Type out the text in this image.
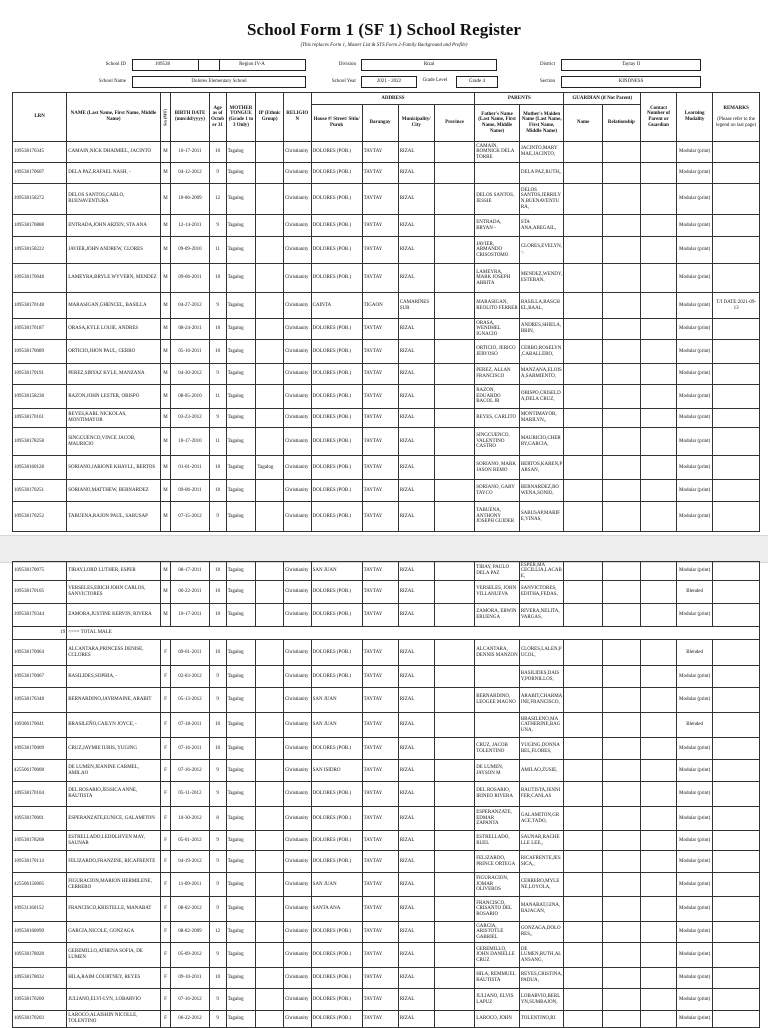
School Form 1 (SF 1) School Register
(This replaces Form 1, Master List & STS Form 2-Family Background and Profile)
School ID	109538	Region IV-A	Division	Rizal	District	Taytay II
School Name	Dolores Elementary School	School Year	2021 - 2022	Grade Level	Grade 4	Section	KINDNESS
LRN	NAME (Last Name, First Name, Middle Name)	Sex (M/F)	BIRTH DATE (mm/dd/yyyy)	Age as of Octob er 31	MOTHER TONGUE (Grade 1 to 3 Only)	IP (Ethnic Group)	RELIGIO N	ADDRESS				PARENTS		GUARDIAN (if Not Parent)		Contact Number of Parent or Guardian	Learning Modality	REMARKS

(Please refer to the legend on last page)
								House #/ Street/ Sitio/ Purok	Barangay	Municipality/ City	Province	Father's Name (Last Name, First Name, Middle Name)	Mother's Maiden Name (Last Name, First Name, Middle Name)	Name	Relationship			
109538170345	CAMAIN,NICK DHAIMIEL, JACINTO	M	10-17-2011	10	Tagalog		Christianity	DOLORES (POB.)	TAYTAY	RIZAL		CAMAIN, ROMNICK DELA TORRE	JACINTO,MARY MAE,JACINTO,				Modular (print)	
109538170607	DELA PAZ,RAFAEL NASH, -	M	04-12-2012	9	Tagalog		Christianity	DOLORES (POB.)	TAYTAY	RIZAL			DELA PAZ,RUTH,,				Modular (print)	
109538158272	DELOS SANTOS,CARLO, BUENAVENTURA	M	10-06-2009	12	Tagalog		Christianity	DOLORES (POB.)	TAYTAY	RIZAL		DELOS SANTOS, JESSIE	DELOS SANTOS,JERRILYN,BUENAVENTURA,				Modular (print)	
109538170888	ENTRADA,JOHN ARZEN, STA ANA	M	12-14-2011	9	Tagalog		Christianity	DOLORES (POB.)	TAYTAY	RIZAL		ENTRADA, BRYAN -	STA ANA,ABEGAIL,				Modular (print)	
109538158222	JAVIER,JOHN ANDREW, CLORES	M	09-09-2010	11	Tagalog		Christianity	DOLORES (POB.)	TAYTAY	RIZAL		JAVIER, ARMANDO CRISOSTOMO	CLORES,EVELYN,-,				Modular (print)	
109538170048	LAMEYRA,BRYLE WYVERN, MENDEZ	M	09-06-2011	10	Tagalog		Christianity	DOLORES (POB.)	TAYTAY	RIZAL		LAMEYRA, MARK JOSEPH ABRITA	MENDEZ,WENDY,ESTEBAN,				Modular (print)	
109538170148	MARASIGAN,GHENCEL, BASILLA	M	04-27-2012	9	Tagalog		Christianity	CAINTA	TIGAON	CAMARINES SUR		MARASIGAN, REOLITO FERRER	BASILLA,RASCHEL,BAAL,				Modular (print)	T/I DATE:2021-09-13
109538170187	ORASA,KYLE LOUIE, ANDRES	M	08-24-2011	10	Tagalog		Christianity	DOLORES (POB.)	TAYTAY	RIZAL		ORASA, WENDHEL IGNACIO	ANDRES,SHIELA,BBIN,				Modular (print)	
109538170089	ORTICIO,JHON PAUL, CERBO	M	05-10-2011	10	Tagalog		Christianity	DOLORES (POB.)	TAYTAY	RIZAL		ORTICIO, JERICO JERVOSO	CERBO,ROSELYN,CABALLERO,				Modular (print)	
109538170191	PEREZ,SIRYAZ KYLE, MANZANA	M	04-30-2012	9	Tagalog		Christianity	DOLORES (POB.)	TAYTAY	RIZAL		PEREZ, ALLAN FRANCISCO	MANZANA,ELOISA,SARMIENTO,				Modular (print)	
109538158238	RAZON,JOHN LESTER, OBISPO	M	08-05-2010	11	Tagalog		Christianity	DOLORES (POB.)	TAYTAY	RIZAL		RAZON, EDUARDO BACOL JR	OBISPO,CRISELDA,DELA CRUZ,				Modular (print)	
109538170161	REYES,KARL NICKOLAS, MONTIMAYOR	M	03-23-2012	9	Tagalog		Christianity	DOLORES (POB.)	TAYTAY	RIZAL		REYES, CARLITO	MONTIMAYOR, MARILYN,,				Modular (print)	
109538178258	SINGCUENCO,VINCE JACOB, MAURICIO	M	10-17-2010	11	Tagalog		Christianity	DOLORES (POB.)	TAYTAY	RIZAL		SINGCUENCO, VALENTINO CASTRO	MAURICIO,CHERRY,GARCIA,				Modular (print)	
109538160128	SORIANO,JARIONE KHAYLL, BERTOS	M	01-01-2011	10	Tagalog	Tagalog	Christianity	DOLORES (POB.)	TAYTAY	RIZAL		SORIANO, MARK JASON REMO	BERTOS,KAREN,PARSAN,				Modular (print)	
109538170251	SORIANO,MATTHEW, BERNARDEZ	M	09-06-2011	10	Tagalog		Christianity	DOLORES (POB.)	TAYTAY	RIZAL		SORIANO, GARY TAYCO	BERNARDEZ,ROWENA,SONIO,				Modular (print)	
109538170252	TABUENA,RAJON PAUL, SABUSAP	M	07-15-2012	9	Tagalog		Christianity	DOLORES (POB.)	TAYTAY	RIZAL		TABUENA, ANTHONY JOSEPH GUIDER	SABUSAP,MARIFE,VINAS,				Modular (print)	
109538170075	TIBAY,LORD LUTHER, ESPER	M	08-17-2011	10	Tagalog		Christianity	SAN JUAN	TAYTAY	RIZAL		TIBAY, PAULO DELA PAZ	ESPER,MA CECILLIA,LACABE,				Modular (print)	
109538170105	VERSELES,ERICH JOHN CARLOS, SANVICTORES	M	06-22-2011	10	Tagalog		Christianity	DOLORES (POB.)	TAYTAY	RIZAL		VERSELES, JOHN VILLANUEVA	SANVICTORES, EDITHA,FEDAS,				Blended	
109538170344	ZAMORA,JUSTINE KERVIN, RIVERA	M	10-17-2011	10	Tagalog		Christianity	DOLORES (POB.)	TAYTAY	RIZAL		ZAMORA, ERWIN ERUENGA	RIVERA,NELITA,VARGAS,				Modular (print)	
19	<=== TOTAL MALE																	
109538170064	ALCANTARA,PRINCESS DENISE, CCLORES	F	09-01-2011	10	Tagalog		Christianity	DOLORES (POB.)	TAYTAY	RIZAL		ALCANTARA, DENNIS MANZON	CLORES,LALEN,PUCOL,				Blended	
109538170067	BASILIDES,SOPHIA, -	F	02-03-2012	9	Tagalog		Christianity	DOLORES (POB.)	TAYTAY	RIZAL			BASILIDES,DAISY,PORNILLOS,				Modular (print)	
109538170348	BERNARDINO,JAYRMAINE, ARABIT	F	05-13-2012	9	Tagalog		Christianity	SAN JUAN	TAYTAY	RIZAL		BERNARDINO, LEOGEE MAGNO	ARABIT,CHARMAINE,FRANCISCO,				Modular (print)	
109306170041	BRASILEÑO,CAILYN JOYCE, -	F	07-18-2011	10	Tagalog		Christianity	SAN JUAN	TAYTAY	RIZAL			BRASILENO,MA CATHERINE,BAGUNA,				Blended	
109538170009	CRUZ,JAYMIE IURIS, YUGING	F	07-16-2011	10	Tagalog		Christianity	DOLORES (POB.)	TAYTAY	RIZAL		CRUZ, JACOB TOLENTINO	YUGING,DONNABEL,FLORES,				Modular (print)	
425506170008	DE LUMEN,JEANINE CARMEL, AMILAO	F	07-16-2012	9	Tagalog		Christianity	SAN ISIDRO	TAYTAY	RIZAL		DE LUMEN, JAYSON M	AMILAO,ZUSIE,				Modular (print)	
109538170104	DEL ROSARIO,JESSICA ANNE, BAUTISTA	F	05-11-2012	9	Tagalog		Christianity	DOLORES (POB.)	TAYTAY	RIZAL		DEL ROSARIO, IRINEO RIVERA	BAUTISTA,JENNIFER,CANLAS				Modular (print)	
109538170001	ESPERANZATE,EUNICE, GALAMITON	F	10-30-2012	8	Tagalog		Christianity	DOLORES (POB.)	TAYTAY	RIZAL		ESPERANZATE, EDMAR ZAPANTA	GALAMITON,GRACE,TADO,				Modular (print)	
109538178268	ESTRELLADO,LEDDLHYEN MAY, SAUNAR	F	05-01-2012	9	Tagalog		Christianity	DOLORES (POB.)	TAYTAY	RIZAL		ESTRELLADO, RUEL	SAUNAR,RACHELLE LEE,,				Modular (print)	
109538170114	FELIZARDO,FRANZINE, RICAFRENTE	F	04-19-2012	9	Tagalog		Christianity	DOLORES (POB.)	TAYTAY	RIZAL		FELIZARDO, PRINCE ORTEGA	RICAFRENTE,JESSICA,,				Modular (print)	
425506150005	FIGURACION,MARION HERMILENE, CERRERO	F	11-09-2011	9	Tagalog		Christianity	SAN JUAN	TAYTAY	RIZAL		FIGURACION, JOMAR OLIVEROS	CERRERO,MYLENE,LOYOLA,				Modular (print)	
109531160152	FRANCISCO,KRISTELLE, MANABAT	F	08-02-2012	9	Tagalog		Christianity	SANTA ANA	TAYTAY	RIZAL		FRANCISCO, CRISANTO DEL ROSARIO	MANABAT,GINA,BAJACAN,				Modular (print)	
109538160099	GARCIA,NICOLE, GONZAGA	F	08-02-2009	12	Tagalog		Christianity	DOLORES (POB.)	TAYTAY	RIZAL		GARCIA, ARISTOTLE GABRIEL	GONZAGA,DOLORES,,				Modular (print)	
109538178028	GEREMILLO,ATHENA SOFIA, DE LUMEN	F	05-09-2012	9	Tagalog		Christianity	DOLORES (POB.)	TAYTAY	RIZAL		GEREMILLO, JOHN DANIELLE CRUZ	DE LUMEN,RUTH,ALANSANG,				Modular (print)	
109538178032	HILA,RAIM COURTNEY, REYES	F	09-10-2011	10	Tagalog		Christianity	DOLORES (POB.)	TAYTAY	RIZAL		HILA, REMMUEL BAUTISTA	REYES,CRISTINA,PADUA,				Modular (print)	
109538170200	JULIANO,ELVI-LYN, LOBARVIO	F	07-16-2012	9	Tagalog		Christianity	DOLORES (POB.)	TAYTAY	RIZAL		JULIANO, ELVIS LAPUZ	LOBARVIO,BERLYN,SUMBAJON,				Modular (print)	
109538170203	LAROCO,ALAISHIN NICOLLE, TOLENTINO	F	06-22-2012	9	Tagalog		Christianity	DOLORES (POB.)	TAYTAY	RIZAL		LAROCO, JOHN	TOLENTINO,RI				Modular (print)	
